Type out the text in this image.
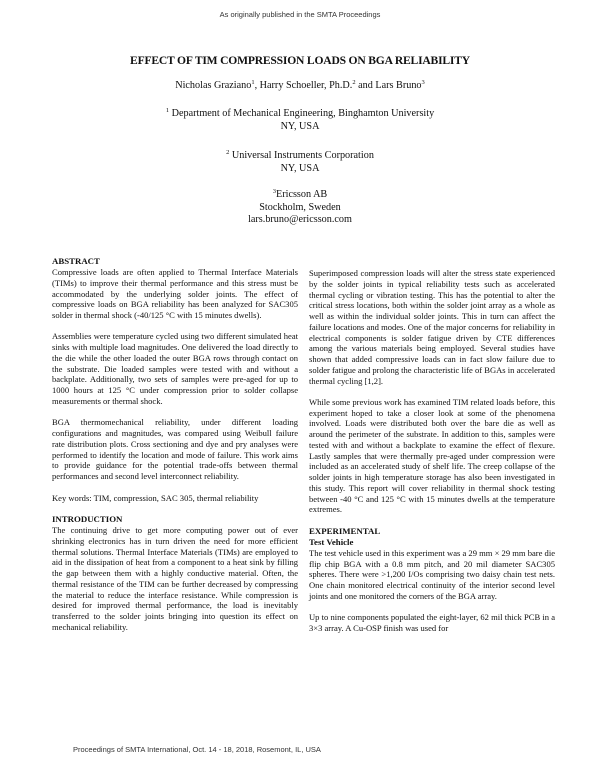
As originally published in the SMTA Proceedings
EFFECT OF TIM COMPRESSION LOADS ON BGA RELIABILITY
Nicholas Graziano$^1$, Harry Schoeller, Ph.D.$^2$ and Lars Bruno$^3$
$^1$ Department of Mechanical Engineering, Binghamton University
NY, USA
$^2$ Universal Instruments Corporation
NY, USA
$^3$Ericsson AB
Stockholm, Sweden
lars.bruno@ericsson.com
ABSTRACT

Compressive loads are often applied to Thermal Interface Materials (TIMs) to improve their thermal performance and this stress must be accommodated by the underlying solder joints. The effect of compressive loads on BGA reliability has been analyzed for SAC305 solder in thermal shock (-40/125 °C with 15 minutes dwells).

Assemblies were temperature cycled using two different simulated heat sinks with multiple load magnitudes. One delivered the load directly to the die while the other loaded the outer BGA rows through contact on the substrate. Die loaded samples were tested with and without a backplate. Additionally, two sets of samples were pre-aged for up to 1000 hours at 125 °C under compression prior to solder collapse measurements or thermal shock.

BGA thermomechanical reliability, under different loading configurations and magnitudes, was compared using Weibull failure rate distribution plots. Cross sectioning and dye and pry analyses were performed to identify the location and mode of failure. This work aims to provide guidance for the potential trade-offs between thermal performances and second level interconnect reliability.

Key words: TIM, compression, SAC 305, thermal reliability

INTRODUCTION

The continuing drive to get more computing power out of ever shrinking electronics has in turn driven the need for more efficient thermal solutions. Thermal Interface Materials (TIMs) are employed to aid in the dissipation of heat from a component to a heat sink by filling the gap between them with a highly conductive material. Often, the thermal resistance of the TIM can be further decreased by compressing the material to reduce the interface resistance. While compression is desired for improved thermal performance, the load is inevitably transferred to the solder joints bringing into question its effect on mechanical reliability.

Superimposed compression loads will alter the stress state experienced by the solder joints in typical reliability tests such as accelerated thermal cycling or vibration testing. This has the potential to alter the critical stress locations, both within the solder joint array as a whole as well as within the individual solder joints. This in turn can affect the failure locations and modes. One of the major concerns for reliability in electrical components is solder fatigue driven by CTE differences among the various materials being employed. Several studies have shown that added compressive loads can in fact slow failure due to solder fatigue and prolong the characteristic life of BGAs in accelerated thermal cycling [1,2].

While some previous work has examined TIM related loads before, this experiment hoped to take a closer look at some of the phenomena involved. Loads were distributed both over the bare die as well as around the perimeter of the substrate. In addition to this, samples were tested with and without a backplate to examine the effect of flexure. Lastly samples that were thermally pre-aged under compression were included as an accelerated study of shelf life. The creep collapse of the solder joints in high temperature storage has also been investigated in this study. This report will cover reliability in thermal shock testing between -40 °C and 125 °C with 15 minutes dwells at the temperature extremes.

EXPERIMENTAL
Test Vehicle

The test vehicle used in this experiment was a 29 mm × 29 mm bare die flip chip BGA with a 0.8 mm pitch, and 20 mil diameter SAC305 spheres. There were >1,200 I/Os comprising two daisy chain test nets. One chain monitored electrical continuity of the interior second level joints and one monitored the corners of the BGA array.

Up to nine components populated the eight-layer, 62 mil thick PCB in a 3×3 array. A Cu-OSP finish was used for

Proceedings of SMTA International, Oct. 14 - 18, 2018, Rosemont, IL, USA
